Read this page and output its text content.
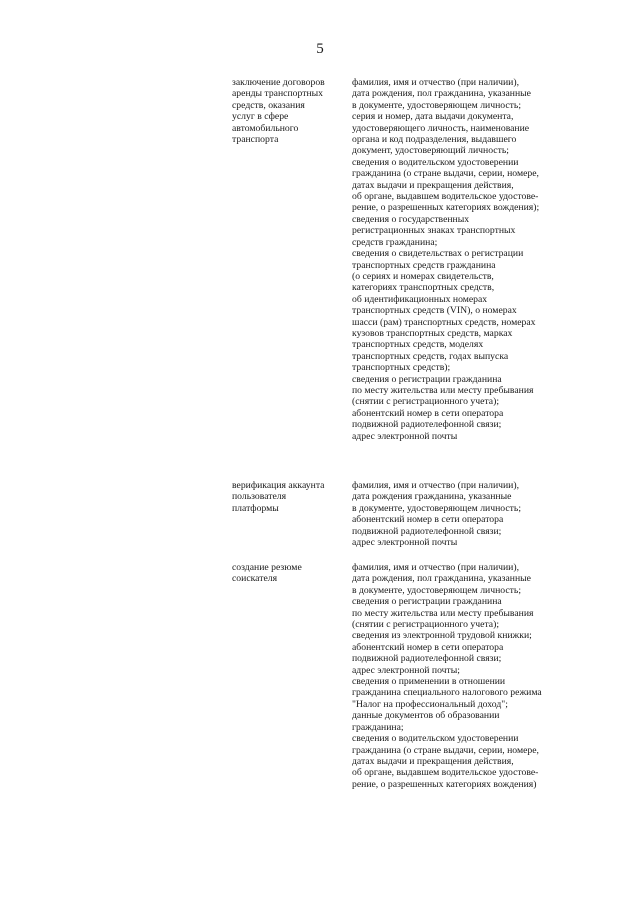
5
заключение договоров
аренды транспортных
средств, оказания
услуг в сфере
автомобильного
транспорта
фамилия, имя и отчество (при наличии),
дата рождения, пол гражданина, указанные
в документе, удостоверяющем личность;
серия и номер, дата выдачи документа,
удостоверяющего личность, наименование
органа и код подразделения, выдавшего
документ, удостоверяющий личность;
сведения о водительском удостоверении
гражданина (о стране выдачи, серии, номере,
датах выдачи и прекращения действия,
об органе, выдавшем водительское удостове-
рение, о разрешенных категориях вождения);
сведения о государственных
регистрационных знаках транспортных
средств гражданина;
сведения о свидетельствах о регистрации
транспортных средств гражданина
(о сериях и номерах свидетельств,
категориях транспортных средств,
об идентификационных номерах
транспортных средств (VIN), о номерах
шасси (рам) транспортных средств, номерах
кузовов транспортных средств, марках
транспортных средств, моделях
транспортных средств, годах выпуска
транспортных средств);
сведения о регистрации гражданина
по месту жительства или месту пребывания
(снятии с регистрационного учета);
абонентский номер в сети оператора
подвижной радиотелефонной связи;
адрес электронной почты
верификация аккаунта
пользователя
платформы
фамилия, имя и отчество (при наличии),
дата рождения гражданина, указанные
в документе, удостоверяющем личность;
абонентский номер в сети оператора
подвижной радиотелефонной связи;
адрес электронной почты
создание резюме
соискателя
фамилия, имя и отчество (при наличии),
дата рождения, пол гражданина, указанные
в документе, удостоверяющем личность;
сведения о регистрации гражданина
по месту жительства или месту пребывания
(снятии с регистрационного учета);
сведения из электронной трудовой книжки;
абонентский номер в сети оператора
подвижной радиотелефонной связи;
адрес электронной почты;
сведения о применении в отношении
гражданина специального налогового режима
"Налог на профессиональный доход";
данные документов об образовании
гражданина;
сведения о водительском удостоверении
гражданина (о стране выдачи, серии, номере,
датах выдачи и прекращения действия,
об органе, выдавшем водительское удостове-
рение, о разрешенных категориях вождения)
